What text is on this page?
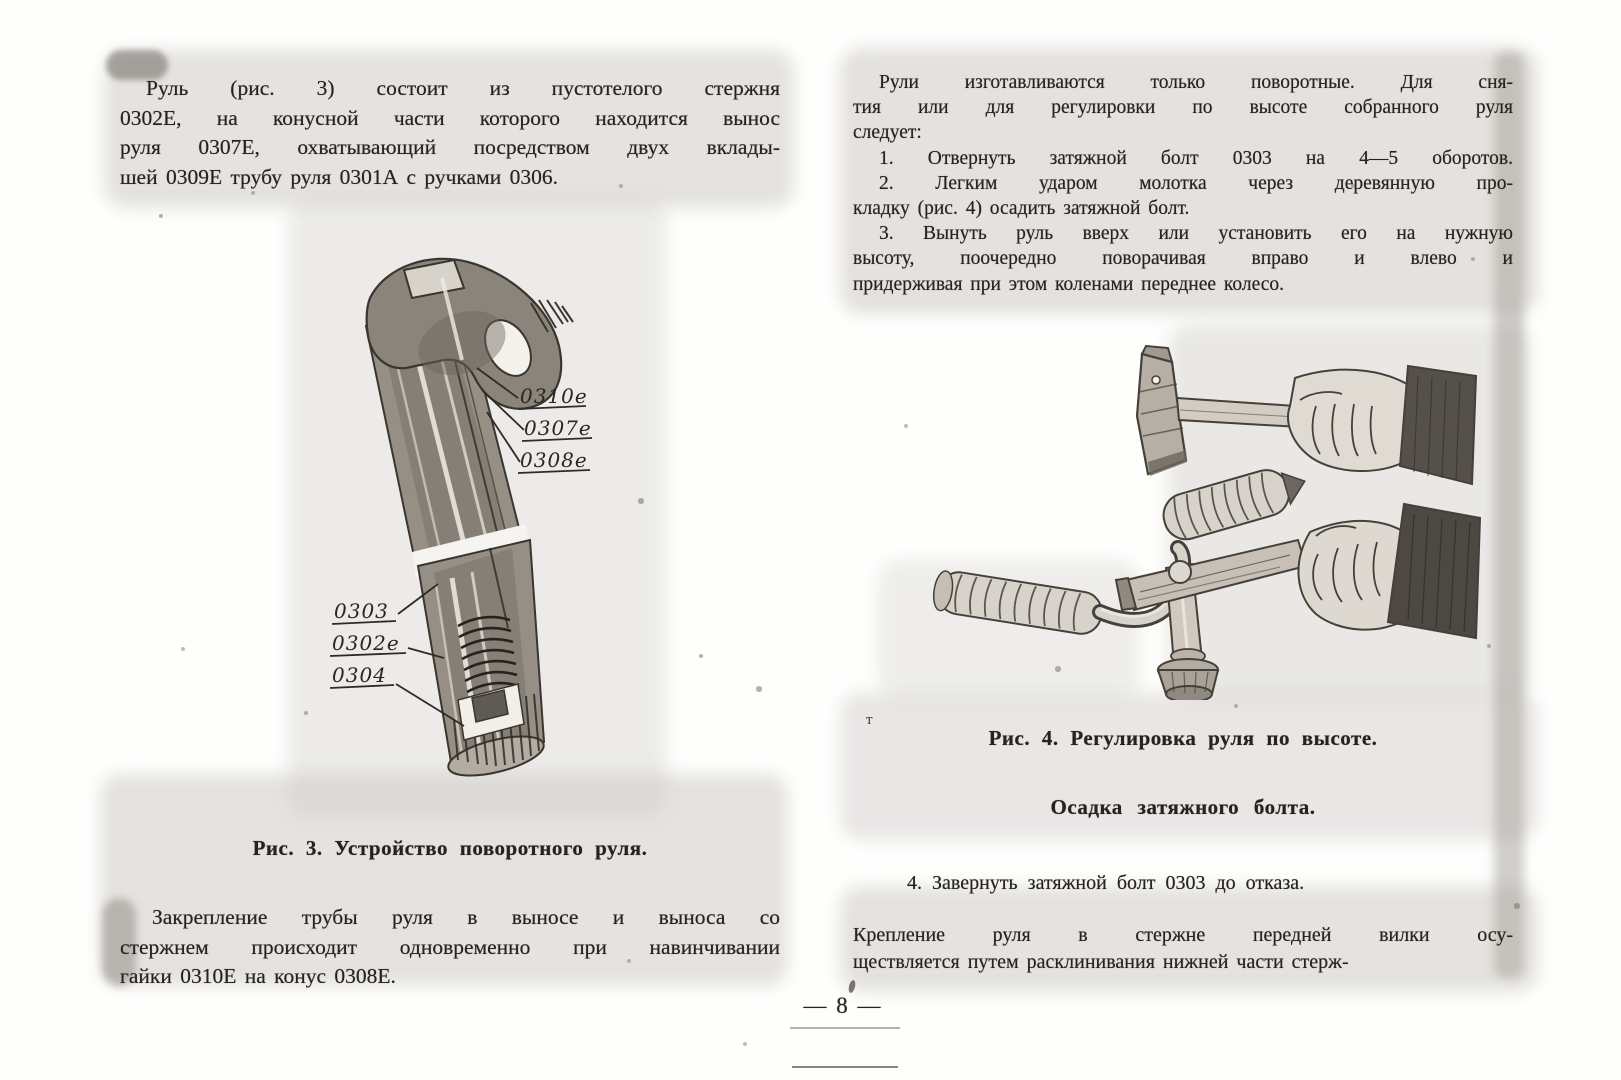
Руль (рис. 3) состоит из пустотелого стержня
0302Е, на конусной части которого находится вынос
руля 0307Е, охватывающий посредством двух вклады-
шей 0309Е трубу руля 0301А с ручками 0306.
0310е
0307е
0308е
0303
0302е
0304
Рис. 3. Устройство поворотного руля.
Закрепление трубы руля в выносе и выноса со
стержнем происходит одновременно при навинчивании
гайки 0310Е на конус 0308Е.
Рули изготавливаются только поворотные. Для сня-
тия или для регулировки по высоте собранного руля
следует:
1. Отвернуть затяжной болт 0303 на 4—5 оборотов.
2. Легким ударом молотка через деревянную про-
кладку (рис. 4) осадить затяжной болт.
3. Вынуть руль вверх или установить его на нужную
высоту, поочередно поворачивая вправо и влево и
придерживая при этом коленами переднее колесо.
Рис. 4. Регулировка руля по высоте.
Осадка затяжного болта.
4. Завернуть затяжной болт 0303 до отказа.
Крепление руля в стержне передней вилки осу-
ществляется путем расклинивания нижней части стерж-
т
— 8 —
